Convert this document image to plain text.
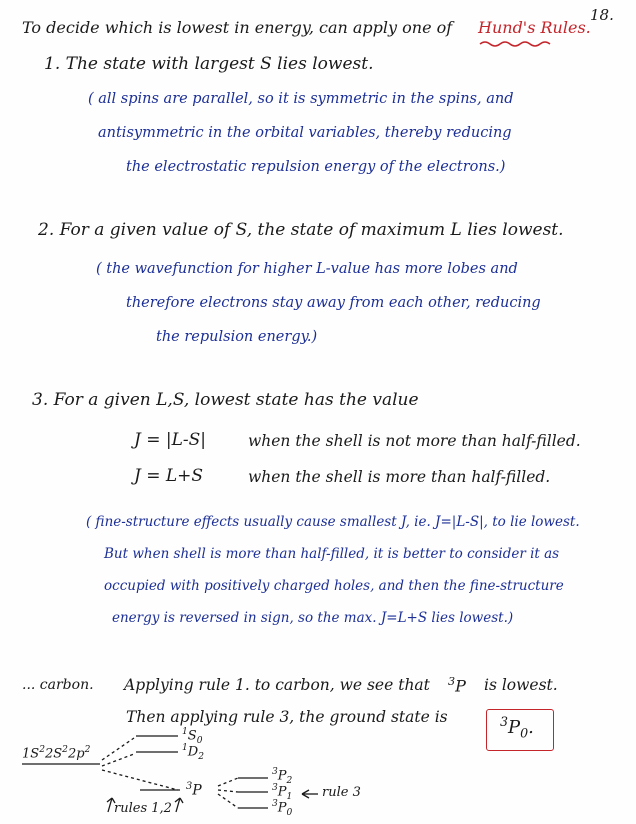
18.
To decide which is lowest in energy, can apply one of Hund's Rules.
1. The state with largest S lies lowest.
( all spins are parallel, so it is symmetric in the spins, and
antisymmetric in the orbital variables, thereby reducing
the electrostatic repulsion energy of the electrons.)
2. For a given value of S, the state of maximum L lies lowest.
( the wavefunction for higher L-value has more lobes and
therefore electrons stay away from each other, reducing
the repulsion energy.)
3. For a given L,S, lowest state has the value
J = |L-S|	when the shell is not more than half-filled.
J = L+S	when the shell is more than half-filled.
( fine-structure effects usually cause smallest J, ie. J=|L-S|, to lie lowest.
But when shell is more than half-filled, it is better to consider it as
occupied with positively charged holes, and then the fine-structure
energy is reversed in sign, so the max. J=L+S lies lowest.)
... carbon. Applying rule 1. to carbon, we see that $^3$P is lowest.
Then applying rule 3, the ground state is	$^3P_0$.
$1S^22S^22p^2$
$^1S_0$
$^1D_2$
$^3$P
$^3P_2$
$^3P_1$
$^3P_0$
rule 3
rules 1,2
